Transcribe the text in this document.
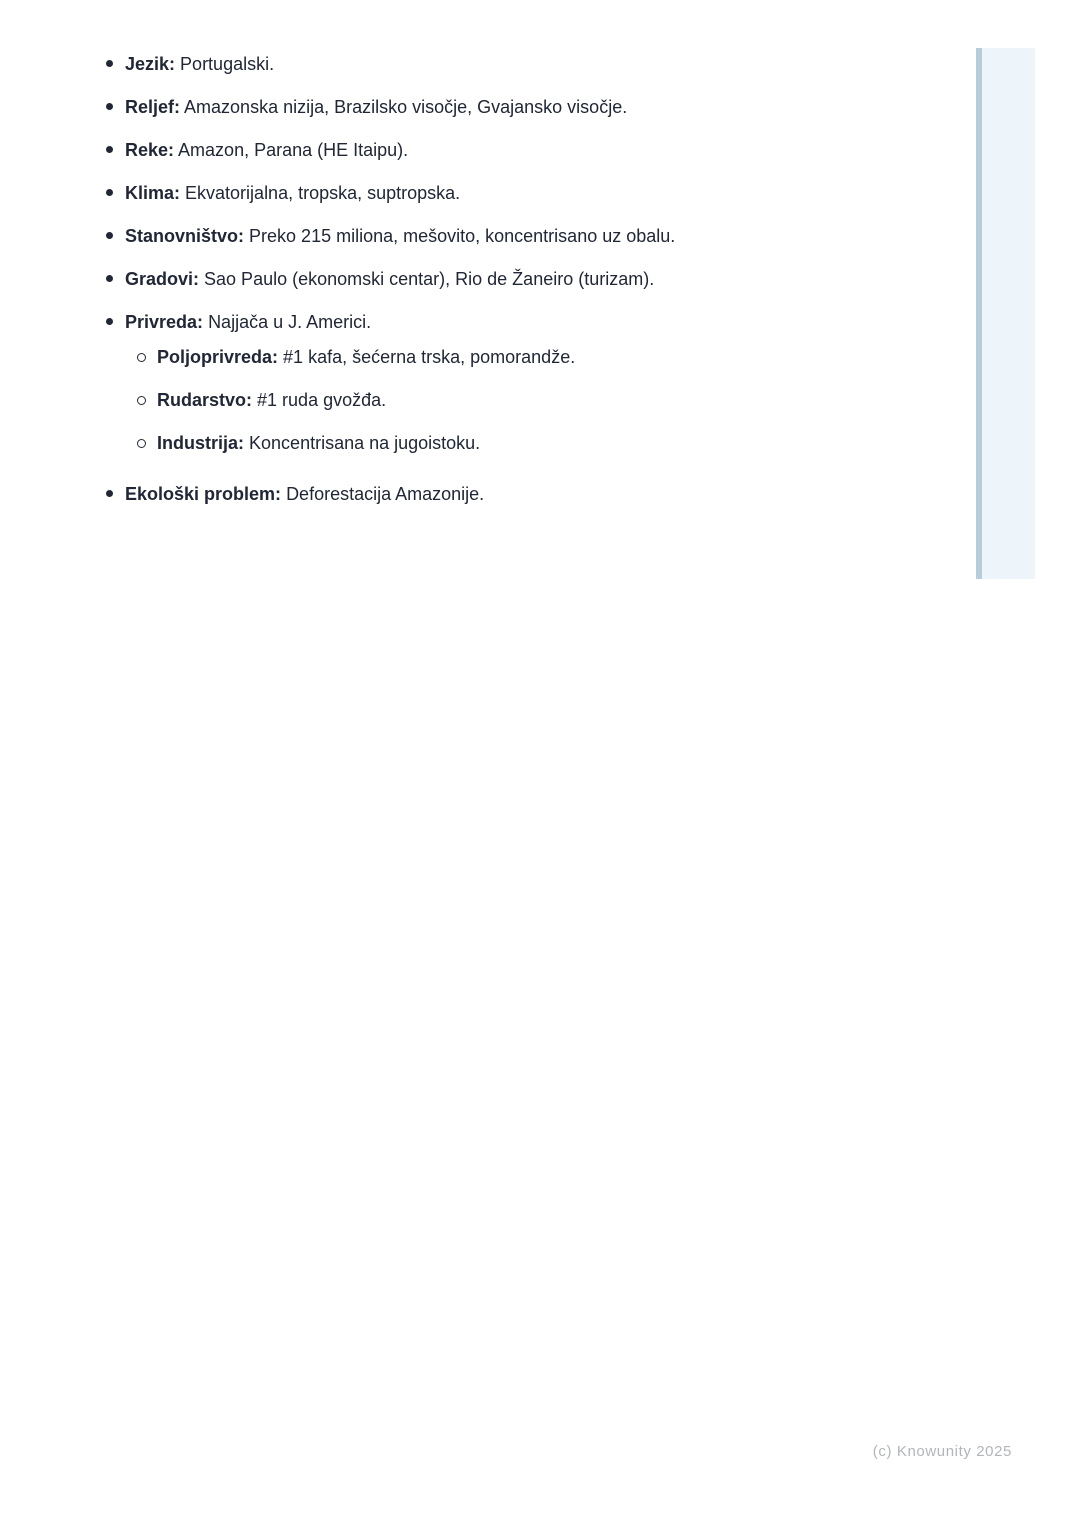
Jezik: Portugalski.
Reljef: Amazonska nizija, Brazilsko visočje, Gvajansko visočje.
Reke: Amazon, Parana (HE Itaipu).
Klima: Ekvatorijalna, tropska, suptropska.
Stanovništvo: Preko 215 miliona, mešovito, koncentrisano uz obalu.
Gradovi: Sao Paulo (ekonomski centar), Rio de Žaneiro (turizam).
Privreda: Najjača u J. Americi.
Poljoprivreda: #1 kafa, šećerna trska, pomorandže.
Rudarstvo: #1 ruda gvožđa.
Industrija: Koncentrisana na jugoistoku.
Ekološki problem: Deforestacija Amazonije.
(c) Knowunity 2025
